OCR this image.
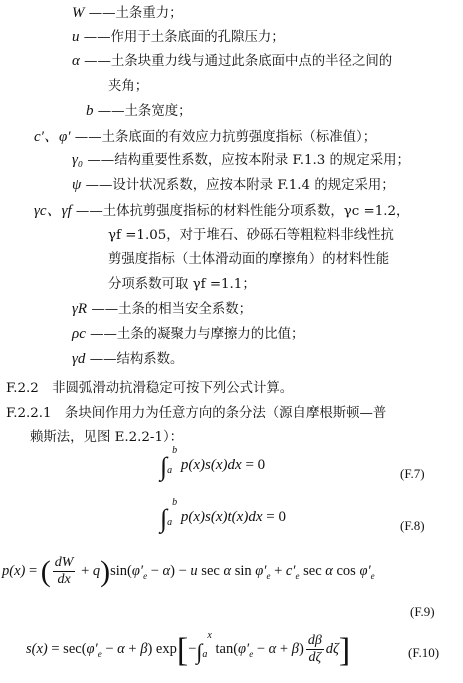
W ——土条重力；
u ——作用于土条底面的孔隙压力；
α ——土条块重力线与通过此条底面中点的半径之间的
夹角；
b ——土条宽度；
c′、φ′ ——土条底面的有效应力抗剪强度指标（标准值）；
γ₀ ——结构重要性系数，应按本附录 F.1.3 的规定采用；
ψ ——设计状况系数，应按本附录 F.1.4 的规定采用；
γc、γf ——土体抗剪强度指标的材料性能分项系数，γc =1.2，
γf =1.05，对于堆石、砂砾石等粗粒料非线性抗
剪强度指标（土体滑动面的摩擦角）的材料性能
分项系数可取 γf =1.1；
γR ——土条的相当安全系数；
ρc ——土条的凝聚力与摩擦力的比值；
γd ——结构系数。
F.2.2　非圆弧滑动抗滑稳定可按下列公式计算。
F.2.2.1　条块间作用力为任意方向的条分法（源自摩根斯顿—普
赖斯法，见图 E.2.2-1）：
$\int_a^b$ p(x)s(x)dx = 0
(F.7)
$\int_a^b$ p(x)s(x)t(x)dx = 0
(F.8)
p(x) = ( $\frac{dW}{dx} + q)\sin(\varphi'_e - \alpha) - u$ sec α $\sin \varphi'_e + c'_e$ sec α $\cos \varphi'_e$
(F.9)
$s(x) = \sec(\varphi'_e - \alpha + \beta)$ $\exp[-\int_a^x$ $\tan(\varphi'_e - \alpha + \beta) \frac{d\beta}{d\zeta} d\zeta$]	(F.10)
